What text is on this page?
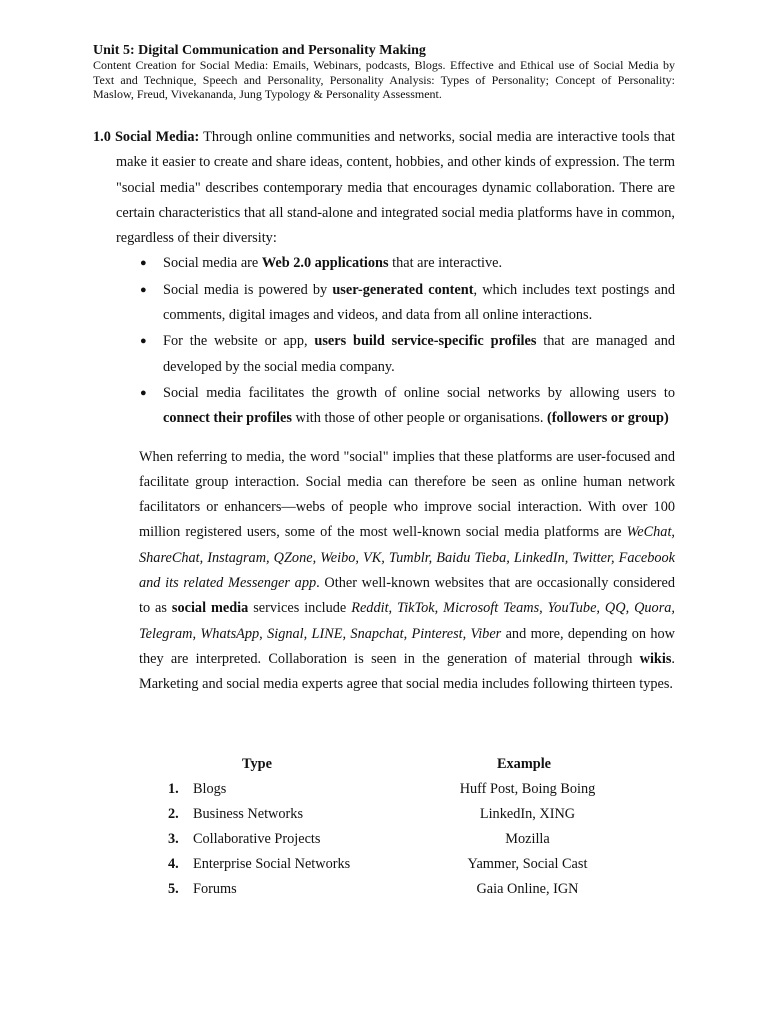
Unit 5: Digital Communication and Personality Making

Content Creation for Social Media: Emails, Webinars, podcasts, Blogs. Effective and Ethical use of Social Media by Text and Technique, Speech and Personality, Personality Analysis: Types of Personality; Concept of Personality: Maslow, Freud, Vivekananda, Jung Typology & Personality Assessment.

1.0 Social Media: Through online communities and networks, social media are interactive tools that make it easier to create and share ideas, content, hobbies, and other kinds of expression. The term "social media" describes contemporary media that encourages dynamic collaboration. There are certain characteristics that all stand-alone and integrated social media platforms have in common, regardless of their diversity:

● Social media are Web 2.0 applications that are interactive.
● Social media is powered by user-generated content, which includes text postings and comments, digital images and videos, and data from all online interactions.
● For the website or app, users build service-specific profiles that are managed and developed by the social media company.
● Social media facilitates the growth of online social networks by allowing users to connect their profiles with those of other people or organisations. (followers or group)

When referring to media, the word "social" implies that these platforms are user-focused and facilitate group interaction. Social media can therefore be seen as online human network facilitators or enhancers—webs of people who improve social interaction. With over 100 million registered users, some of the most well-known social media platforms are WeChat, ShareChat, Instagram, QZone, Weibo, VK, Tumblr, Baidu Tieba, LinkedIn, Twitter, Facebook and its related Messenger app. Other well-known websites that are occasionally considered to as social media services include Reddit, TikTok, Microsoft Teams, YouTube, QQ, Quora, Telegram, WhatsApp, Signal, LINE, Snapchat, Pinterest, Viber and more, depending on how they are interpreted. Collaboration is seen in the generation of material through wikis. Marketing and social media experts agree that social media includes following thirteen types.

Type	Example
1. Blogs	Huff Post, Boing Boing
2. Business Networks	LinkedIn, XING
3. Collaborative Projects	Mozilla
4. Enterprise Social Networks	Yammer, Social Cast
5. Forums	Gaia Online, IGN
